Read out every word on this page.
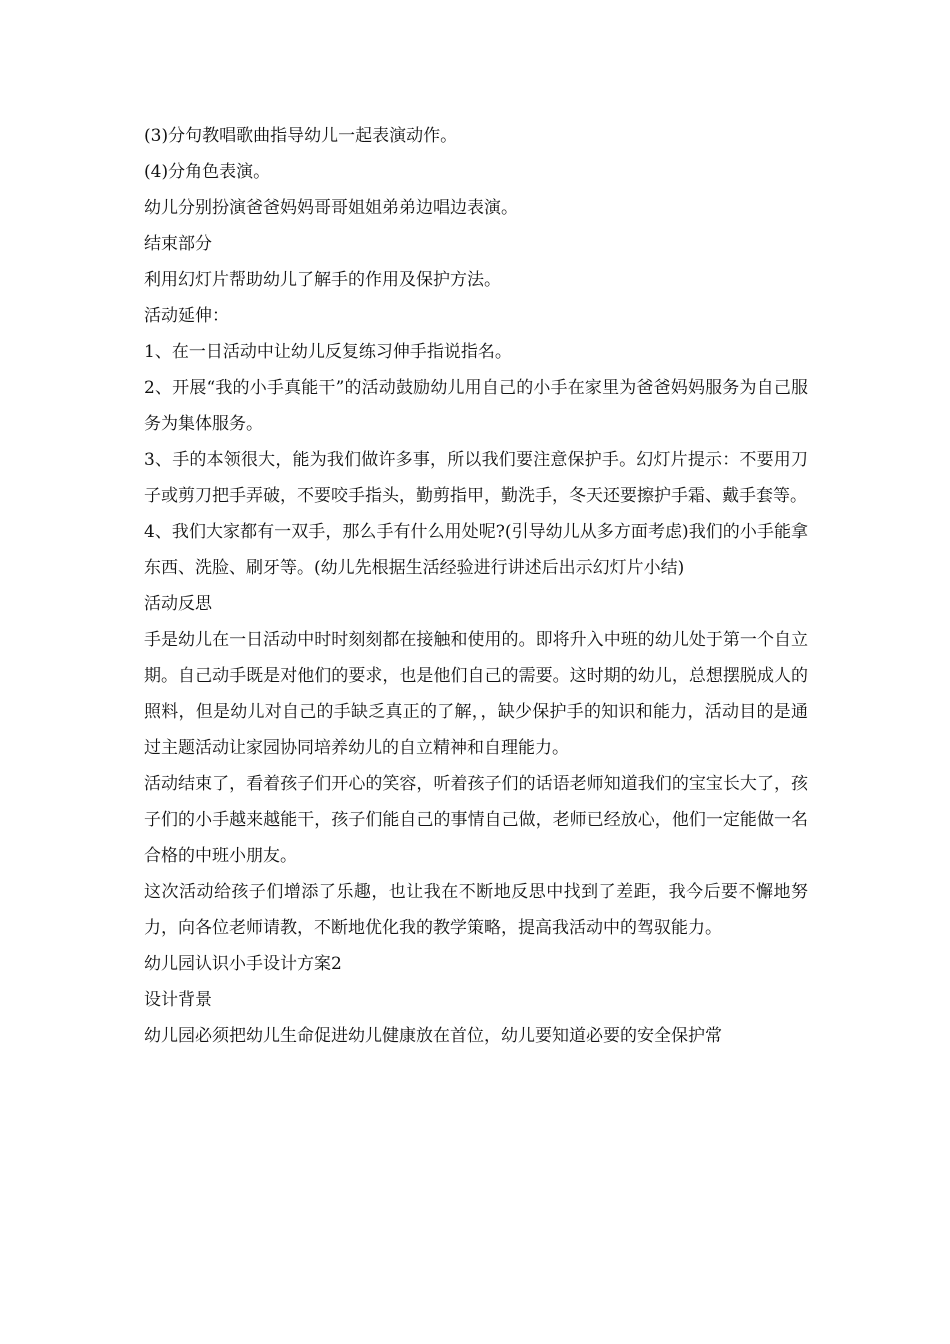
(3)分句教唱歌曲指导幼儿一起表演动作。

(4)分角色表演。

幼儿分别扮演爸爸妈妈哥哥姐姐弟弟边唱边表演。

结束部分

利用幻灯片帮助幼儿了解手的作用及保护方法。

活动延伸：

1、在一日活动中让幼儿反复练习伸手指说指名。

2、开展“我的小手真能干”的活动鼓励幼儿用自己的小手在家里为爸爸妈妈服务为自己服务为集体服务。

3、手的本领很大，能为我们做许多事，所以我们要注意保护手。幻灯片提示：不要用刀子或剪刀把手弄破，不要咬手指头，勤剪指甲，勤洗手，冬天还要擦护手霜、戴手套等。

4、我们大家都有一双手，那么手有什么用处呢?(引导幼儿从多方面考虑)我们的小手能拿东西、洗脸、刷牙等。(幼儿先根据生活经验进行讲述后出示幻灯片小结)

活动反思

手是幼儿在一日活动中时时刻刻都在接触和使用的。即将升入中班的幼儿处于第一个自立期。自己动手既是对他们的要求，也是他们自己的需要。这时期的幼儿，总想摆脱成人的照料，但是幼儿对自己的手缺乏真正的了解，，缺少保护手的知识和能力，活动目的是通过主题活动让家园协同培养幼儿的自立精神和自理能力。

活动结束了，看着孩子们开心的笑容，听着孩子们的话语老师知道我们的宝宝长大了，孩子们的小手越来越能干，孩子们能自己的事情自己做，老师已经放心，他们一定能做一名合格的中班小朋友。

这次活动给孩子们增添了乐趣，也让我在不断地反思中找到了差距，我今后要不懈地努力，向各位老师请教，不断地优化我的教学策略，提高我活动中的驾驭能力。

幼儿园认识小手设计方案2

设计背景

幼儿园必须把幼儿生命促进幼儿健康放在首位，幼儿要知道必要的安全保护常
